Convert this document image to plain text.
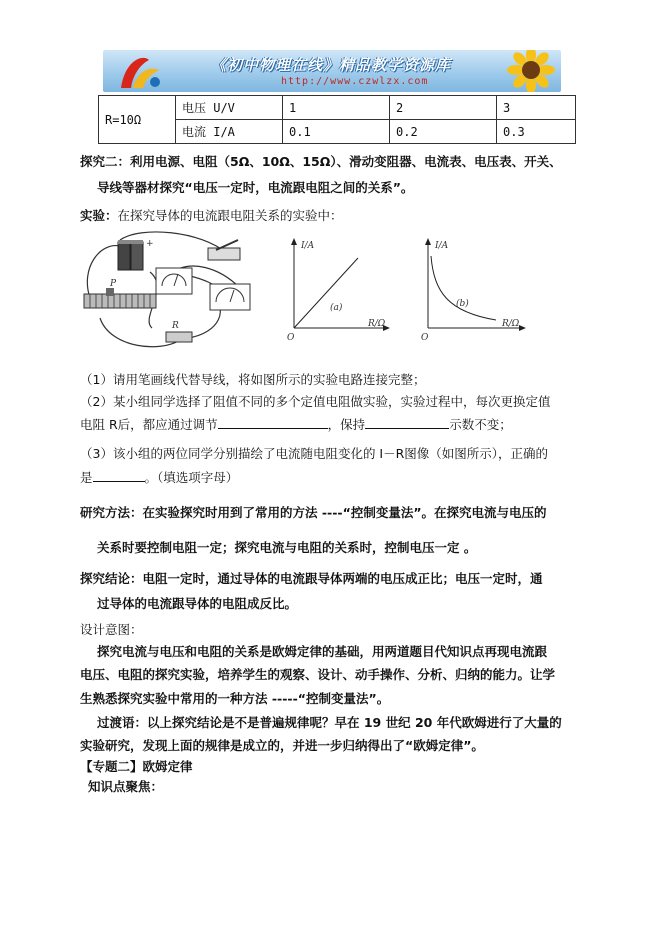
《初中物理在线》精品教学资源库
http://www.czwlzx.com
R=10Ω	电压 U/V	1	2	3
	电流 I/A	0.1	0.2	0.3
探究二：利用电源、电阻（5Ω、10Ω、15Ω）、滑动变阻器、电流表、电压表、开关、
导线等器材探究“电压一定时，电流跟电阻之间的关系”。
实验：在探究导体的电流跟电阻关系的实验中：
+
P
R
I/A
R/Ω
O
(a)
I/A
R/Ω
O
(b)
（1）请用笔画线代替导线，将如图所示的实验电路连接完整；
（2）某小组同学选择了阻值不同的多个定值电阻做实验，实验过程中，每次更换定值
电阻 R后，都应通过调节	，保持	示数不变；
（3）该小组的两位同学分别描绘了电流随电阻变化的 I－R图像（如图所示），正确的
是	。（填选项字母）
研究方法：在实验探究时用到了常用的方法 ----“控制变量法”。在探究电流与电压的
关系时要控制电阻一定；探究电流与电阻的关系时，控制电压一定 。
探究结论：电阻一定时，通过导体的电流跟导体两端的电压成正比；电压一定时，通
过导体的电流跟导体的电阻成反比。
设计意图：
探究电流与电压和电阻的关系是欧姆定律的基础，用两道题目代知识点再现电流跟
电压、电阻的探究实验，培养学生的观察、设计、动手操作、分析、归纳的能力。让学
生熟悉探究实验中常用的一种方法 -----“控制变量法”。
过渡语：以上探究结论是不是普遍规律呢？早在 19 世纪 20 年代欧姆进行了大量的
实验研究，发现上面的规律是成立的，并进一步归纳得出了“欧姆定律”。
【专题二】欧姆定律
知识点聚焦：
